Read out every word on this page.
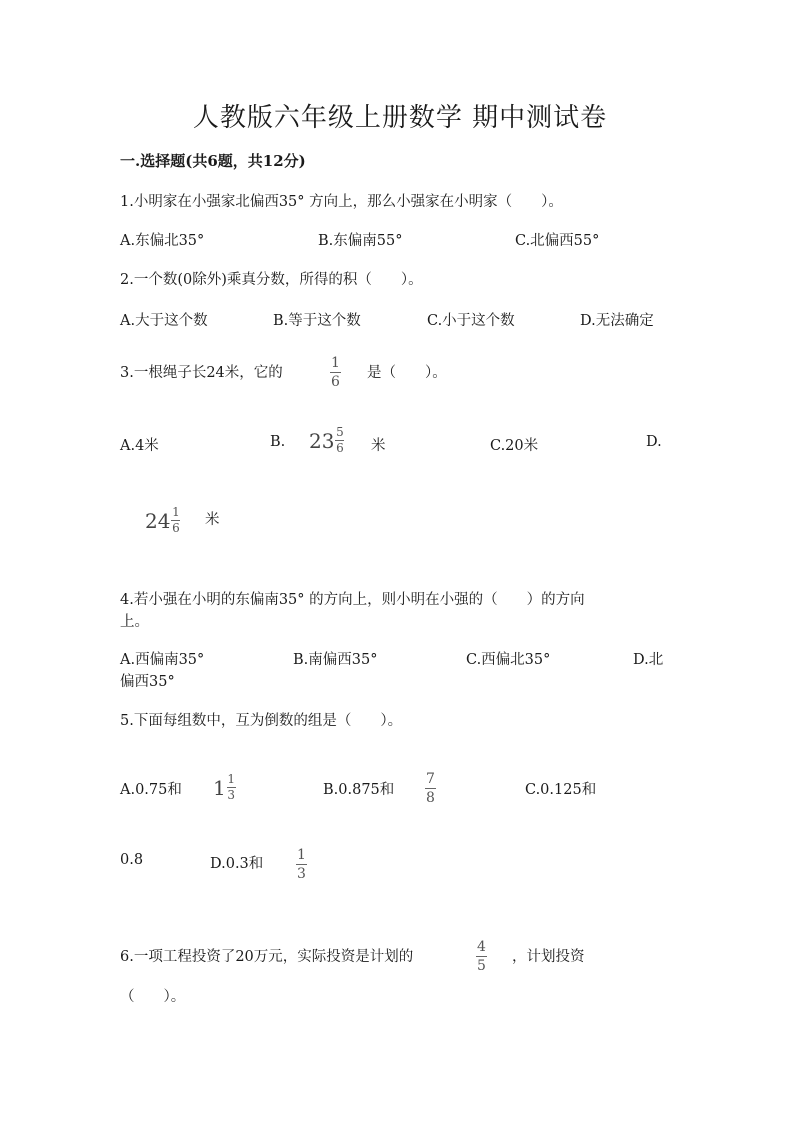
人教版六年级上册数学 期中测试卷
一.选择题(共6题，共12分)
1.小明家在小强家北偏西35° 方向上，那么小强家在小明家（　　）。
A.东偏北35°	B.东偏南55°	C.北偏西55°
2.一个数(0除外)乘真分数，所得的积（　　）。
A.大于这个数	B.等于这个数	C.小于这个数	D.无法确定
3.一根绳子长24米，它的
1
6
是（　　）。
A.4米	B. $23 \frac{5}{6}$ 米	C.20米	D.
$24 \frac{1}{6}$ 米
4.若小强在小明的东偏南35° 的方向上，则小明在小强的（　　）的方向
上。
A.西偏南35°	B.南偏西35°	C.西偏北35°	D.北
偏西35°
5.下面每组数中，互为倒数的组是（　　）。
A.0.75和 $1 \frac{1}{3}$	B.0.875和
7
8	C.0.125和
0.8	D.0.3和
1
3
6.一项工程投资了20万元，实际投资是计划的
4
5
，计划投资
（　　）。
